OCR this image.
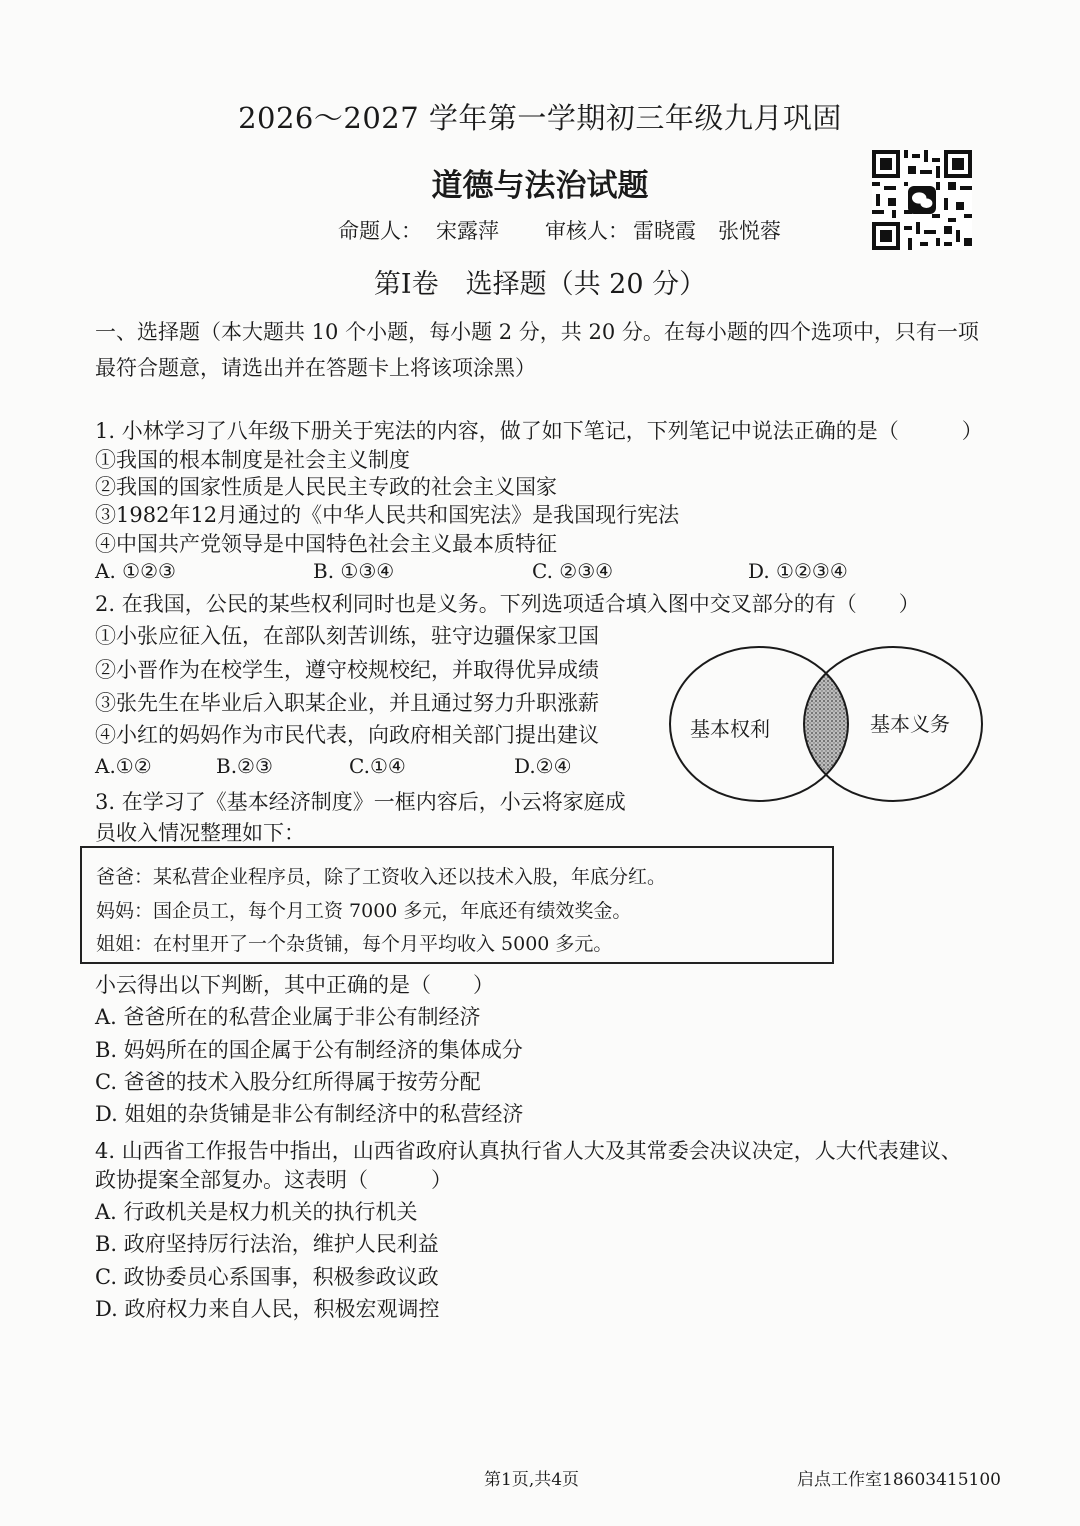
2026～2027 学年第一学期初三年级九月巩固
道德与法治试题
命题人： 宋露萍 审核人： 雷晓霞 张悦蓉
第Ⅰ卷　选择题（共 20 分）
一、选择题（本大题共 10 个小题，每小题 2 分，共 20 分。在每小题的四个选项中，只有一项
最符合题意，请选出并在答题卡上将该项涂黑）
1. 小林学习了八年级下册关于宪法的内容，做了如下笔记，下列笔记中说法正确的是（　　　）
①我国的根本制度是社会主义制度
②我国的国家性质是人民民主专政的社会主义国家
③1982年12月通过的《中华人民共和国宪法》是我国现行宪法
④中国共产党领导是中国特色社会主义最本质特征
A. ①②③	B. ①③④	C. ②③④	D. ①②③④
2. 在我国，公民的某些权利同时也是义务。下列选项适合填入图中交叉部分的有（　　）
①小张应征入伍，在部队刻苦训练，驻守边疆保家卫国
②小晋作为在校学生，遵守校规校纪，并取得优异成绩
③张先生在毕业后入职某企业，并且通过努力升职涨薪
④小红的妈妈作为市民代表，向政府相关部门提出建议
A.①②	B.②③	C.①④	D.②④
基本权利	基本义务
3. 在学习了《基本经济制度》一框内容后，小云将家庭成
员收入情况整理如下：
爸爸：某私营企业程序员，除了工资收入还以技术入股，年底分红。
妈妈：国企员工，每个月工资 7000 多元，年底还有绩效奖金。
姐姐：在村里开了一个杂货铺，每个月平均收入 5000 多元。
小云得出以下判断，其中正确的是（　　）
A. 爸爸所在的私营企业属于非公有制经济
B. 妈妈所在的国企属于公有制经济的集体成分
C. 爸爸的技术入股分红所得属于按劳分配
D. 姐姐的杂货铺是非公有制经济中的私营经济
4. 山西省工作报告中指出，山西省政府认真执行省人大及其常委会决议决定，人大代表建议、
政协提案全部复办。这表明（　　　）
A. 行政机关是权力机关的执行机关
B. 政府坚持厉行法治，维护人民利益
C. 政协委员心系国事，积极参政议政
D. 政府权力来自人民，积极宏观调控
第1页,共4页	启点工作室18603415100
